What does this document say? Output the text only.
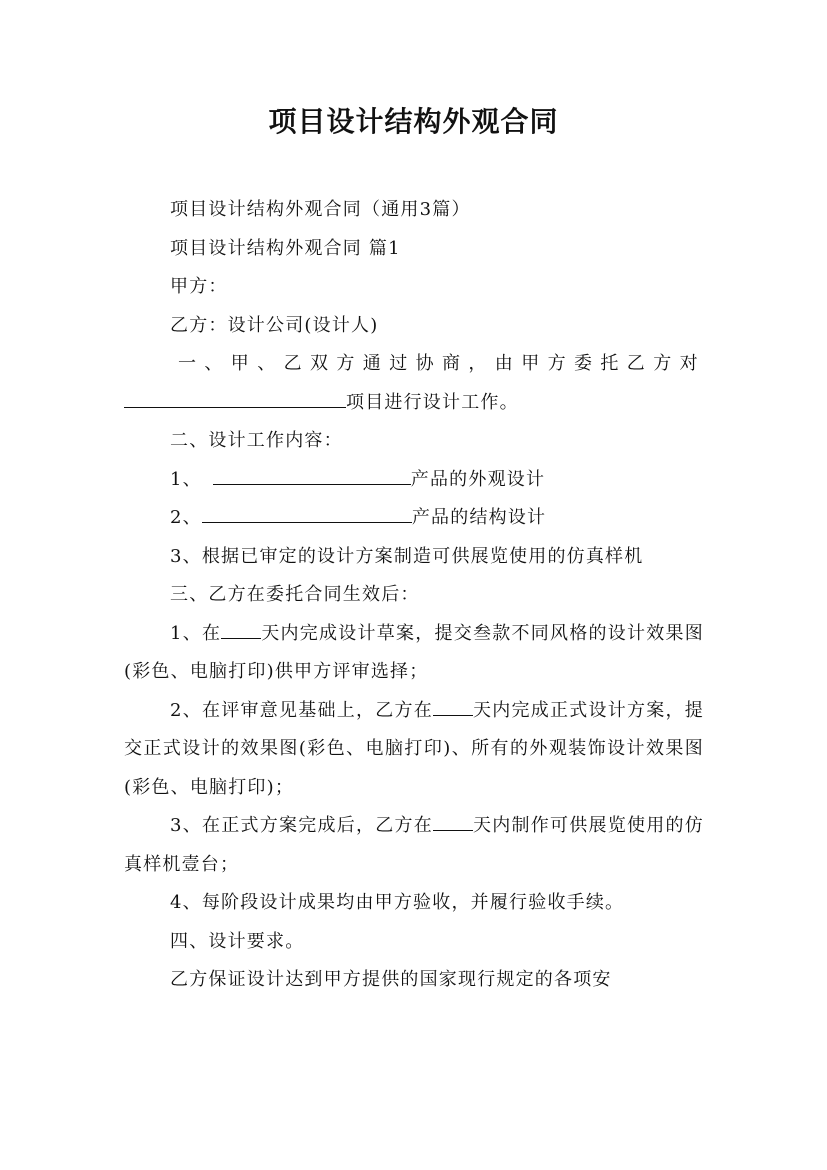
项目设计结构外观合同
项目设计结构外观合同（通用3篇）
项目设计结构外观合同 篇1
甲方：
乙方：设计公司(设计人)
一、甲、乙双方通过协商，由甲方委托乙方对
项目进行设计工作。
二、设计工作内容：
1、	产品的外观设计
2、	产品的结构设计
3、根据已审定的设计方案制造可供展览使用的仿真样机
三、乙方在委托合同生效后：
1、在 天内完成设计草案，提交叁款不同风格的设计效果图(彩色、电脑打印)供甲方评审选择；
2、在评审意见基础上，乙方在 天内完成正式设计方案，提交正式设计的效果图(彩色、电脑打印)、所有的外观装饰设计效果图(彩色、电脑打印)；
3、在正式方案完成后，乙方在 天内制作可供展览使用的仿真样机壹台；
4、每阶段设计成果均由甲方验收，并履行验收手续。
四、设计要求。
乙方保证设计达到甲方提供的国家现行规定的各项安
